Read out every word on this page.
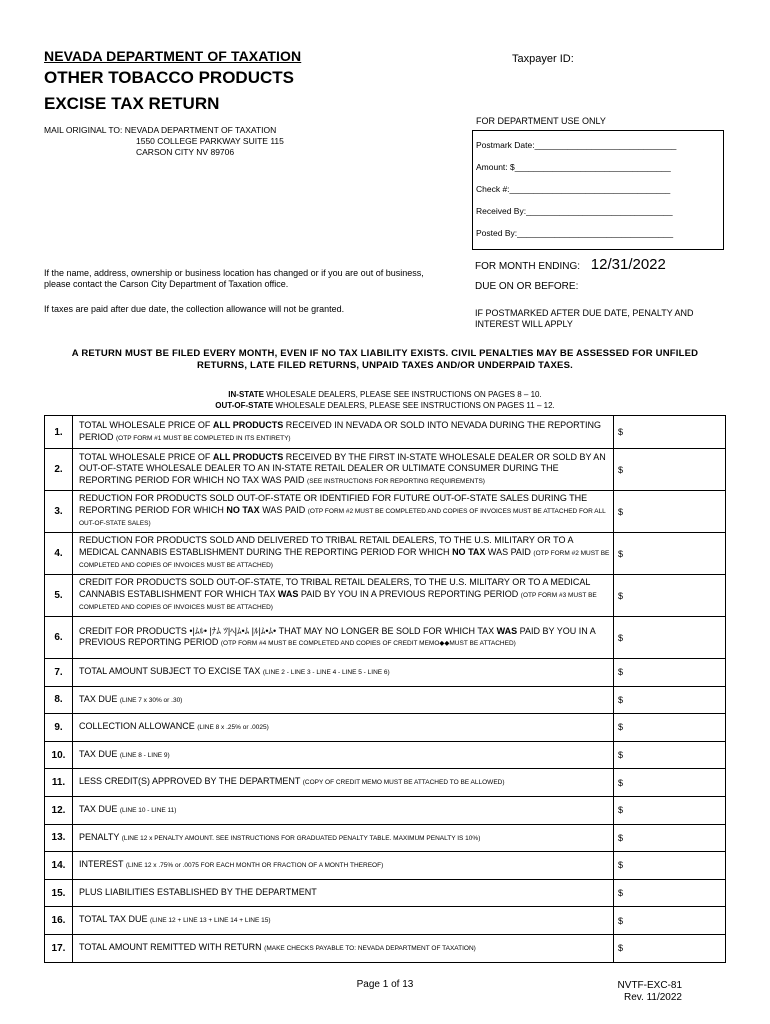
NEVADA DEPARTMENT OF TAXATION
OTHER TOBACCO PRODUCTS
EXCISE TAX RETURN
Taxpayer ID:
MAIL ORIGINAL TO: NEVADA DEPARTMENT OF TAXATION
1550 COLLEGE PARKWAY SUITE 115
CARSON CITY NV 89706
FOR DEPARTMENT USE ONLY
Postmark Date:______________________________
Amount: $_________________________________
Check #:__________________________________
Received By:_______________________________
Posted By:_________________________________
If the name, address, ownership or business location has changed or if you are out of business, please contact the Carson City Department of Taxation office.
If taxes are paid after due date, the collection allowance will not be granted.
FOR MONTH ENDING: 12/31/2022
DUE ON OR BEFORE:
IF POSTMARKED AFTER DUE DATE, PENALTY AND INTEREST WILL APPLY
A RETURN MUST BE FILED EVERY MONTH, EVEN IF NO TAX LIABILITY EXISTS. CIVIL PENALTIES MAY BE ASSESSED FOR UNFILED RETURNS, LATE FILED RETURNS, UNPAID TAXES AND/OR UNDERPAID TAXES.
IN-STATE WHOLESALE DEALERS, PLEASE SEE INSTRUCTIONS ON PAGES 8 – 10.
OUT-OF-STATE WHOLESALE DEALERS, PLEASE SEE INSTRUCTIONS ON PAGES 11 – 12.
1.	TOTAL WHOLESALE PRICE OF ALL PRODUCTS RECEIVED IN NEVADA OR SOLD INTO NEVADA DURING THE REPORTING PERIOD (OTP FORM #1 MUST BE COMPLETED IN ITS ENTIRETY)	$
2.	TOTAL WHOLESALE PRICE OF ALL PRODUCTS RECEIVED BY THE FIRST IN-STATE WHOLESALE DEALER OR SOLD BY AN OUT-OF-STATE WHOLESALE DEALER TO AN IN-STATE RETAIL DEALER OR ULTIMATE CONSUMER DURING THE REPORTING PERIOD FOR WHICH NO TAX WAS PAID (SEE INSTRUCTIONS FOR REPORTING REQUIREMENTS)	$
3.	REDUCTION FOR PRODUCTS SOLD OUT-OF-STATE OR IDENTIFIED FOR FUTURE OUT-OF-STATE SALES DURING THE REPORTING PERIOD FOR WHICH NO TAX WAS PAID (OTP FORM #2 MUST BE COMPLETED AND COPIES OF INVOICES MUST BE ATTACHED FOR ALL OUT-OF-STATE SALES)	$
4.	REDUCTION FOR PRODUCTS SOLD AND DELIVERED TO TRIBAL RETAIL DEALERS, TO THE U.S. MILITARY OR TO A MEDICAL CANNABIS ESTABLISHMENT DURING THE REPORTING PERIOD FOR WHICH NO TAX WAS PAID (OTP FORM #2 MUST BE COMPLETED AND COPIES OF INVOICES MUST BE ATTACHED)	$
5.	CREDIT FOR PRODUCTS SOLD OUT-OF-STATE, TO TRIBAL RETAIL DEALERS, TO THE U.S. MILITARY OR TO A MEDICAL CANNABIS ESTABLISHMENT FOR WHICH TAX WAS PAID BY YOU IN A PREVIOUS REPORTING PERIOD (OTP FORM #3 MUST BE COMPLETED AND COPIES OF INVOICES MUST BE ATTACHED)	$
6.	CREDIT FOR PRODUCTS •|ﾑﾙ• |ﾅﾑ ﾂ|ﾍ|ﾑ•ﾑ |ﾙ|ﾑ•ﾑ• THAT MAY NO LONGER BE SOLD FOR WHICH TAX WAS PAID BY YOU IN A PREVIOUS REPORTING PERIOD (OTP FORM #4 MUST BE COMPLETED AND COPIES OF CREDIT MEMO◆◆MUST BE ATTACHED)	$
7.	TOTAL AMOUNT SUBJECT TO EXCISE TAX (LINE 2 - LINE 3 - LINE 4 - LINE 5 - LINE 6)	$
8.	TAX DUE (LINE 7 x 30% or .30)	$
9.	COLLECTION ALLOWANCE (LINE 8 x .25% or .0025)	$
10.	TAX DUE (LINE 8 - LINE 9)	$
11.	LESS CREDIT(S) APPROVED BY THE DEPARTMENT (COPY OF CREDIT MEMO MUST BE ATTACHED TO BE ALLOWED)	$
12.	TAX DUE (LINE 10 - LINE 11)	$
13.	PENALTY (LINE 12 x PENALTY AMOUNT. SEE INSTRUCTIONS FOR GRADUATED PENALTY TABLE. MAXIMUM PENALTY IS 10%)	$
14.	INTEREST (LINE 12 x .75% or .0075 FOR EACH MONTH OR FRACTION OF A MONTH THEREOF)	$
15.	PLUS LIABILITIES ESTABLISHED BY THE DEPARTMENT	$
16.	TOTAL TAX DUE (LINE 12 + LINE 13 + LINE 14 + LINE 15)	$
17.	TOTAL AMOUNT REMITTED WITH RETURN (MAKE CHECKS PAYABLE TO: NEVADA DEPARTMENT OF TAXATION)	$
Page 1 of 13	NVTF-EXC-81
Rev. 11/2022
